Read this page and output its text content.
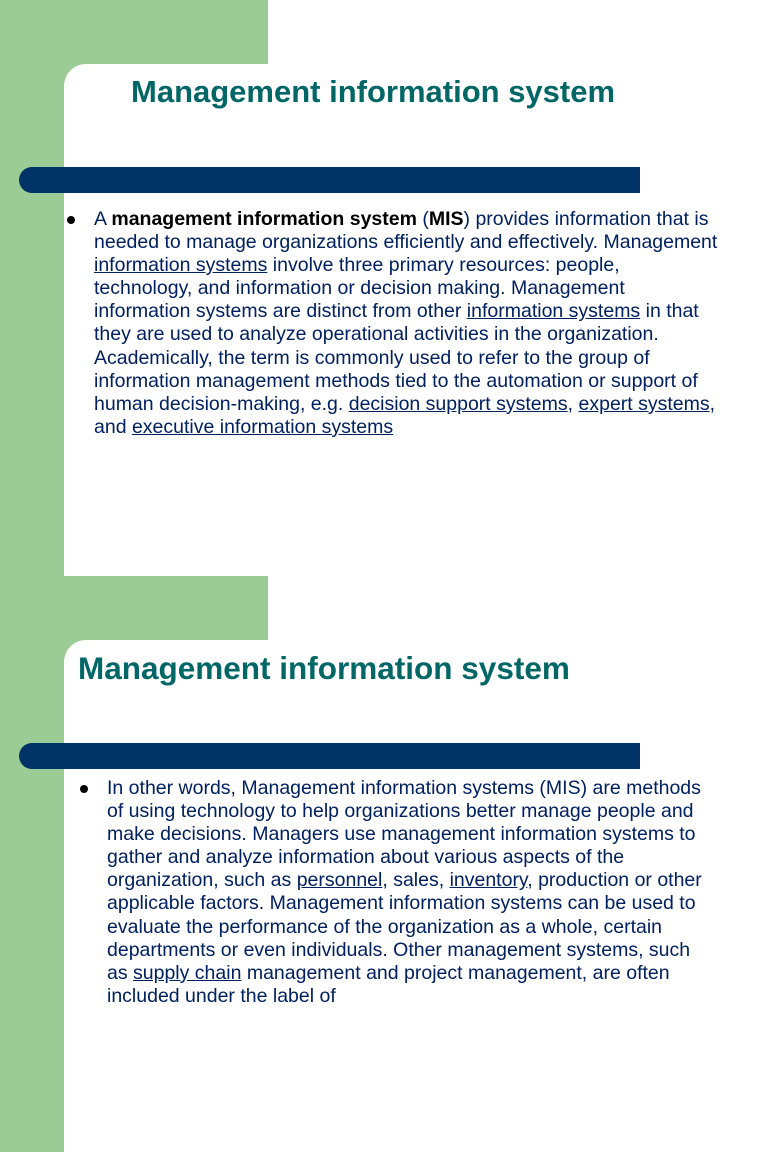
Management information system
A management information system (MIS) provides information that is needed to manage organizations efficiently and effectively. Management information systems involve three primary resources: people, technology, and information or decision making. Management information systems are distinct from other information systems in that they are used to analyze operational activities in the organization. Academically, the term is commonly used to refer to the group of information management methods tied to the automation or support of human decision-making, e.g. decision support systems, expert systems, and executive information systems
Management information system
In other words, Management information systems (MIS) are methods of using technology to help organizations better manage people and make decisions. Managers use management information systems to gather and analyze information about various aspects of the organization, such as personnel, sales, inventory, production or other applicable factors. Management information systems can be used to evaluate the performance of the organization as a whole, certain departments or even individuals. Other management systems, such as supply chain management and project management, are often included under the label of
